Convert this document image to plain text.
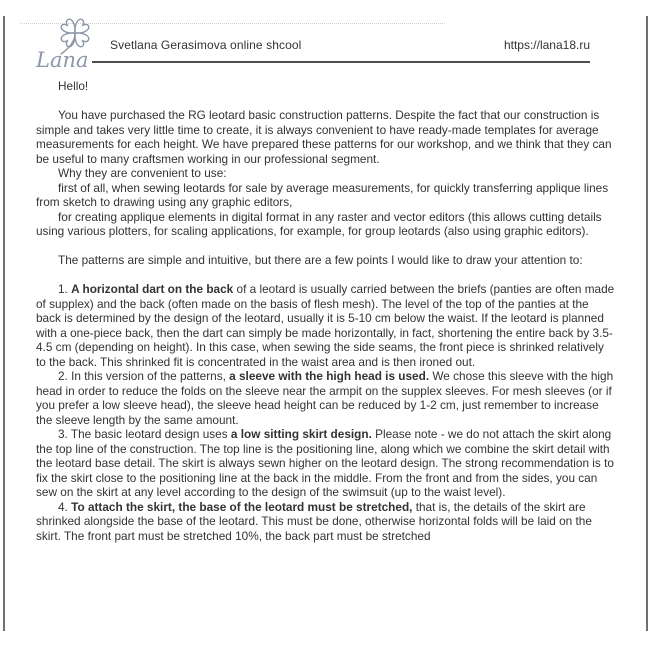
Lana
Svetlana Gerasimova online shcool	https://lana18.ru

Hello!

You have purchased the RG leotard basic construction patterns. Despite the fact that our construction is simple and takes very little time to create, it is always convenient to have ready-made templates for average measurements for each height. We have prepared these patterns for our workshop, and we think that they can be useful to many craftsmen working in our professional segment.

Why they are convenient to use:

first of all, when sewing leotards for sale by average measurements, for quickly transferring applique lines from sketch to drawing using any graphic editors,

for creating applique elements in digital format in any raster and vector editors (this allows cutting details using various plotters, for scaling applications, for example, for group leotards (also using graphic editors).

The patterns are simple and intuitive, but there are a few points I would like to draw your attention to:

1. A horizontal dart on the back of a leotard is usually carried between the briefs (panties are often made of supplex) and the back (often made on the basis of flesh mesh). The level of the top of the panties at the back is determined by the design of the leotard, usually it is 5-10 cm below the waist. If the leotard is planned with a one-piece back, then the dart can simply be made horizontally, in fact, shortening the entire back by 3.5-4.5 cm (depending on height). In this case, when sewing the side seams, the front piece is shrinked relatively to the back. This shrinked fit is concentrated in the waist area and is then ironed out.

2. In this version of the patterns, a sleeve with the high head is used. We chose this sleeve with the high head in order to reduce the folds on the sleeve near the armpit on the supplex sleeves. For mesh sleeves (or if you prefer a low sleeve head), the sleeve head height can be reduced by 1-2 cm, just remember to increase the sleeve length by the same amount.

3. The basic leotard design uses a low sitting skirt design. Please note - we do not attach the skirt along the top line of the construction. The top line is the positioning line, along which we combine the skirt detail with the leotard base detail. The skirt is always sewn higher on the leotard design. The strong recommendation is to fix the skirt close to the positioning line at the back in the middle. From the front and from the sides, you can sew on the skirt at any level according to the design of the swimsuit (up to the waist level).

4. To attach the skirt, the base of the leotard must be stretched, that is, the details of the skirt are shrinked alongside the base of the leotard. This must be done, otherwise horizontal folds will be laid on the skirt. The front part must be stretched 10%, the back part must be stretched
